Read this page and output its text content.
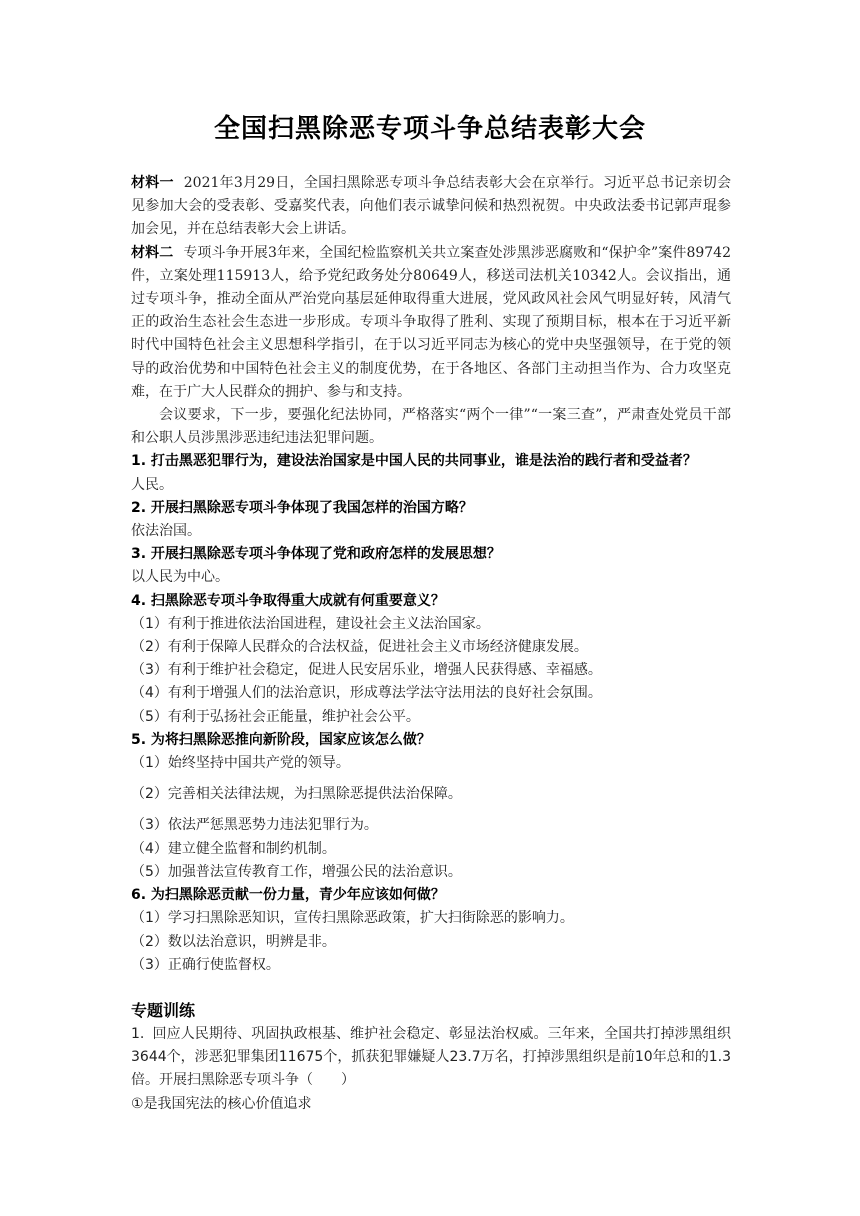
全国扫黑除恶专项斗争总结表彰大会

材料一 2021年3月29日，全国扫黑除恶专项斗争总结表彰大会在京举行。习近平总书记亲切会见参加大会的受表彰、受嘉奖代表，向他们表示诚挚问候和热烈祝贺。中央政法委书记郭声琨参加会见，并在总结表彰大会上讲话。

材料二 专项斗争开展3年来，全国纪检监察机关共立案查处涉黑涉恶腐败和“保护伞”案件89742件，立案处理115913人，给予党纪政务处分80649人，移送司法机关10342人。会议指出，通过专项斗争，推动全面从严治党向基层延伸取得重大进展，党风政风社会风气明显好转，风清气正的政治生态社会生态进一步形成。专项斗争取得了胜利、实现了预期目标，根本在于习近平新时代中国特色社会主义思想科学指引，在于以习近平同志为核心的党中央坚强领导，在于党的领导的政治优势和中国特色社会主义的制度优势，在于各地区、各部门主动担当作为、合力攻坚克难，在于广大人民群众的拥护、参与和支持。

会议要求，下一步，要强化纪法协同，严格落实“两个一律”“一案三查”，严肃查处党员干部和公职人员涉黑涉恶违纪违法犯罪问题。

1. 打击黑恶犯罪行为，建设法治国家是中国人民的共同事业，谁是法治的践行者和受益者？

人民。

2. 开展扫黑除恶专项斗争体现了我国怎样的治国方略？

依法治国。

3. 开展扫黑除恶专项斗争体现了党和政府怎样的发展思想？

以人民为中心。

4. 扫黑除恶专项斗争取得重大成就有何重要意义？

（1）有利于推进依法治国进程，建设社会主义法治国家。

（2）有利于保障人民群众的合法权益，促进社会主义市场经济健康发展。

（3）有利于维护社会稳定，促进人民安居乐业，增强人民获得感、幸福感。

（4）有利于增强人们的法治意识，形成尊法学法守法用法的良好社会氛围。

（5）有利于弘扬社会正能量，维护社会公平。

5. 为将扫黑除恶推向新阶段，国家应该怎么做？

（1）始终坚持中国共产党的领导。

（2）完善相关法律法规，为扫黑除恶提供法治保障。

（3）依法严惩黑恶势力违法犯罪行为。

（4）建立健全监督和制约机制。

（5）加强普法宣传教育工作，增强公民的法治意识。

6. 为扫黑除恶贡献一份力量，青少年应该如何做？

（1）学习扫黑除恶知识，宣传扫黑除恶政策，扩大扫街除恶的影响力。

（2）数以法治意识，明辨是非。

（3）正确行使监督权。

专题训练

1. 回应人民期待、巩固执政根基、维护社会稳定、彰显法治权威。三年来，全国共打掉涉黑组织3644个，涉恶犯罪集团11675个，抓获犯罪嫌疑人23.7万名，打掉涉黑组织是前10年总和的1.3倍。开展扫黑除恶专项斗争（　　）

①是我国宪法的核心价值追求
